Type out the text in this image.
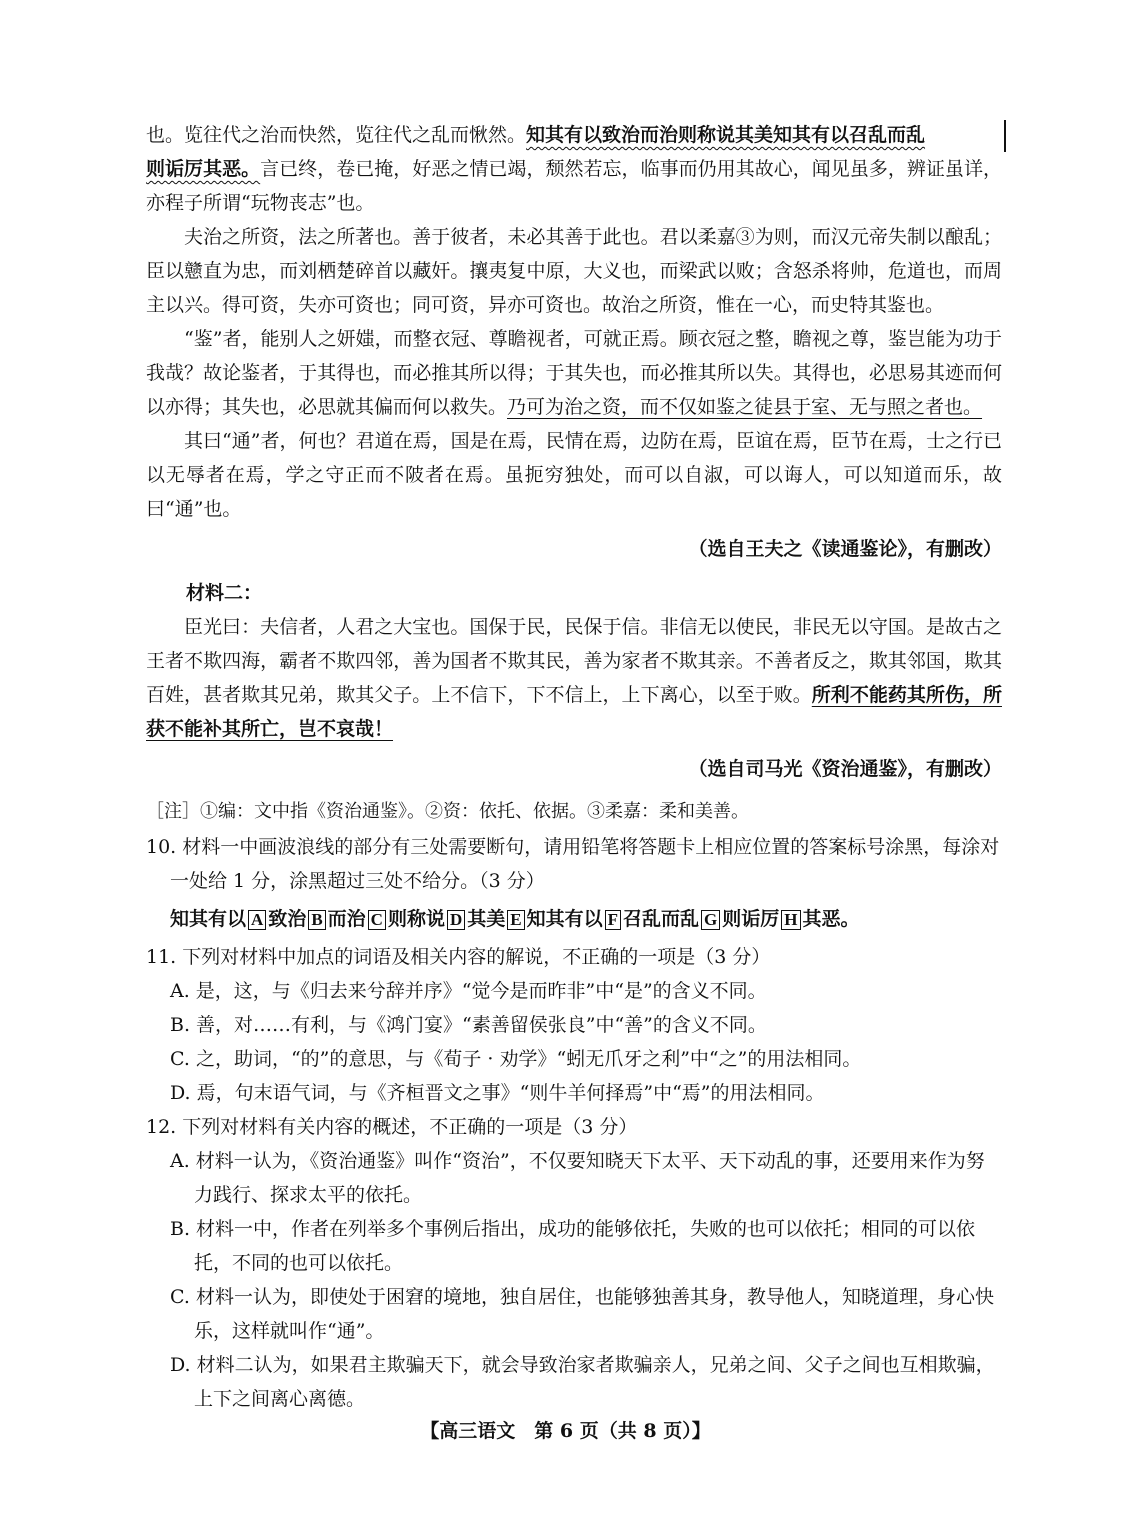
也。览往代之治而快然，览往代之乱而愀然。知其有以致治而治则称说其美知其有以召乱而乱
则诟厉其恶。言已终，卷已掩，好恶之情已竭，颓然若忘，临事而仍用其故心，闻见虽多，辨证虽详，亦程子所谓“玩物丧志”也。

夫治之所资，法之所著也。善于彼者，未必其善于此也。君以柔嘉③为则，而汉元帝失制以酿乱；臣以戆直为忠，而刘栖楚碎首以藏奸。攘夷复中原，大义也，而梁武以败；含怒杀将帅，危道也，而周主以兴。得可资，失亦可资也；同可资，异亦可资也。故治之所资，惟在一心，而史特其鉴也。

“鉴”者，能别人之妍媸，而整衣冠、尊瞻视者，可就正焉。顾衣冠之整，瞻视之尊，鉴岂能为功于我哉？故论鉴者，于其得也，而必推其所以得；于其失也，而必推其所以失。其得也，必思易其迹而何以亦得；其失也，必思就其偏而何以救失。乃可为治之资，而不仅如鉴之徒县于室、无与照之者也。

其曰“通”者，何也？君道在焉，国是在焉，民情在焉，边防在焉，臣谊在焉，臣节在焉，士之行已以无辱者在焉，学之守正而不陂者在焉。虽扼穷独处，而可以自淑，可以诲人，可以知道而乐，故曰“通”也。

（选自王夫之《读通鉴论》，有删改）

材料二：

臣光曰：夫信者，人君之大宝也。国保于民，民保于信。非信无以使民，非民无以守国。是故古之王者不欺四海，霸者不欺四邻，善为国者不欺其民，善为家者不欺其亲。不善者反之，欺其邻国，欺其百姓，甚者欺其兄弟，欺其父子。上不信下，下不信上，上下离心，以至于败。所利不能药其所伤，所获不能补其所亡，岂不哀哉！

（选自司马光《资治通鉴》，有删改）

［注］①编：文中指《资治通鉴》。②资：依托、依据。③柔嘉：柔和美善。

10. 材料一中画波浪线的部分有三处需要断句，请用铅笔将答题卡上相应位置的答案标号涂黑，每涂对一处给 1 分，涂黑超过三处不给分。（3 分）

知其有以 A 致治 B 而治 C 则称说 D 其美 E 知其有以 F 召乱而乱 G 则诟厉 H 其恶。

11. 下列对材料中加点的词语及相关内容的解说，不正确的一项是（3 分）

A. 是，这，与《归去来兮辞并序》“觉今是而昨非”中“是”的含义不同。

B. 善，对……有利，与《鸿门宴》“素善留侯张良”中“善”的含义不同。

C. 之，助词，“的”的意思，与《荀子 · 劝学》“蚓无爪牙之利”中“之”的用法相同。

D. 焉，句末语气词，与《齐桓晋文之事》“则牛羊何择焉”中“焉”的用法相同。

12. 下列对材料有关内容的概述，不正确的一项是（3 分）

A. 材料一认为，《资治通鉴》叫作“资治”，不仅要知晓天下太平、天下动乱的事，还要用来作为努力践行、探求太平的依托。

B. 材料一中，作者在列举多个事例后指出，成功的能够依托，失败的也可以依托；相同的可以依托，不同的也可以依托。

C. 材料一认为，即使处于困窘的境地，独自居住，也能够独善其身，教导他人，知晓道理，身心快乐，这样就叫作“通”。

D. 材料二认为，如果君主欺骗天下，就会导致治家者欺骗亲人，兄弟之间、父子之间也互相欺骗，上下之间离心离德。

【高三语文　第 6 页（共 8 页）】
